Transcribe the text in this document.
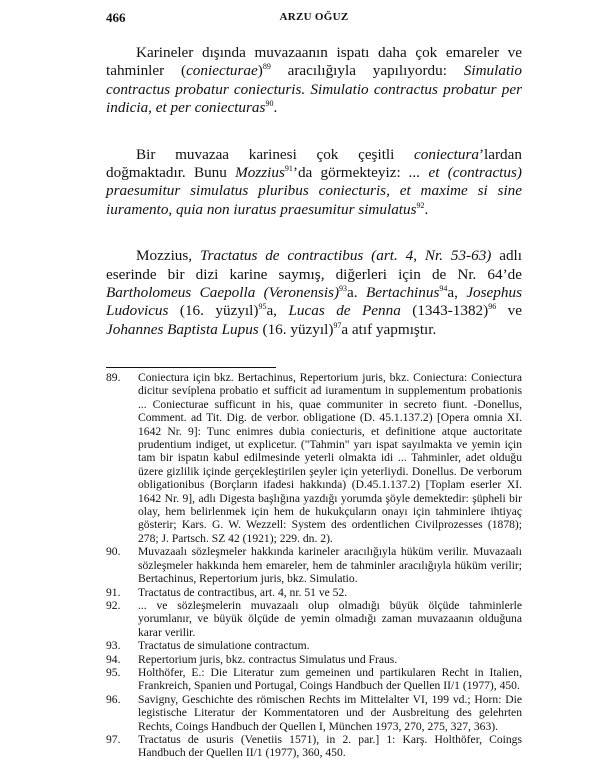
466	ARZU OĞUZ

Karineler dışında muvazaanın ispatı daha çok emareler ve tahminler (coniecturae)$^{89}$ aracılığıyla yapılıyordu: Simulatio contractus probatur coniecturis. Simulatio contractus probatur per indicia, et per coniecturas$^{90}$.

Bir muvazaa karinesi çok çeşitli coniectura’lardan doğmaktadır. Bunu Mozzius$^{91}$’da görmekteyiz: ... et (contractus) praesumitur simulatus pluribus coniecturis, et maxime si sine iuramento, quia non iuratus praesumitur simulatus$^{92}$.

Mozzius, Tractatus de contractibus (art. 4, Nr. 53-63) adlı eserinde bir dizi karine saymış, diğerleri için de Nr. 64’de Bartholomeus Caepolla (Veronensis)$^{93}$a. Bertachinus$^{94}$a, Josephus Ludovicus (16. yüzyıl)$^{95}$a, Lucas de Penna (1343-1382)$^{96}$ ve Johannes Baptista Lupus (16. yüzyıl)$^{97}$a atıf yapmıştır.

89.	Coniectura için bkz. Bertachinus, Repertorium juris, bkz. Coniectura: Coniectura dicitur sevíplena probatio et sufficit ad iuramentum in supplementum probationis ... Coniecturae sufficunt in his, quae communiter in secreto fiunt. -Donellus, Comment. ad Tit. Dig. de verbor. obligatione (D. 45.1.137.2) [Opera omnia XI. 1642 Nr. 9]: Tunc enimres dubia coniecturis, et definitione atque auctoritate prudentium indiget, ut explicetur. ("Tahmin" yarı ispat sayılmakta ve yemin için tam bir ispatın kabul edilmesinde yeterli olmakta idi ... Tahminler, adet olduğu üzere gizlilik içinde gerçekleştirilen şeyler için yeterliydi. Donellus. De verborum obligationibus (Borçların ifadesi hakkında) (D.45.1.137.2) [Toplam eserler XI. 1642 Nr. 9], adlı Digesta başlığına yazdığı yorumda şöyle demektedir: şüpheli bir olay, hem belirlenmek için hem de hukukçuların onayı için tahminlere ihtiyaç gösterir; Kars. G. W. Wezzell: System des ordentlichen Civilprozesses (1878); 278; J. Partsch. SZ 42 (1921); 229. dn. 2).
90.	Muvazaalı sözleşmeler hakkında karineler aracılığıyla hüküm verilir. Muvazaalı sözleşmeler hakkında hem emareler, hem de tahminler aracılığıyla hüküm verilir; Bertachinus, Repertorium juris, bkz. Simulatio.
91.	Tractatus de contractibus, art. 4, nr. 51 ve 52.
92.	... ve sözleşmelerin muvazaalı olup olmadığı büyük ölçüde tahminlerle yorumlanır, ve büyük ölçüde de yemin olmadığı zaman muvazaanın olduğuna karar verilir.
93.	Tractatus de simulatione contractum.
94.	Repertorium juris, bkz. contractus Simulatus und Fraus.
95.	Holthöfer, E.: Die Literatur zum gemeinen und partikularen Recht in Italien, Frankreich, Spanien und Portugal, Coings Handbuch der Quellen II/1 (1977), 450.
96.	Savigny, Geschichte des römischen Rechts im Mittelalter VI, 199 vd.; Horn: Die legistische Literatur der Kommentatoren und der Ausbreitung des gelehrten Rechts, Coings Handbuch der Quellen I, München 1973, 270, 275, 327, 363).
97.	Tractatus de usuris (Venetiis 1571), in 2. par.] 1: Karş. Holthöfer, Coings Handbuch der Quellen II/1 (1977), 360, 450.
